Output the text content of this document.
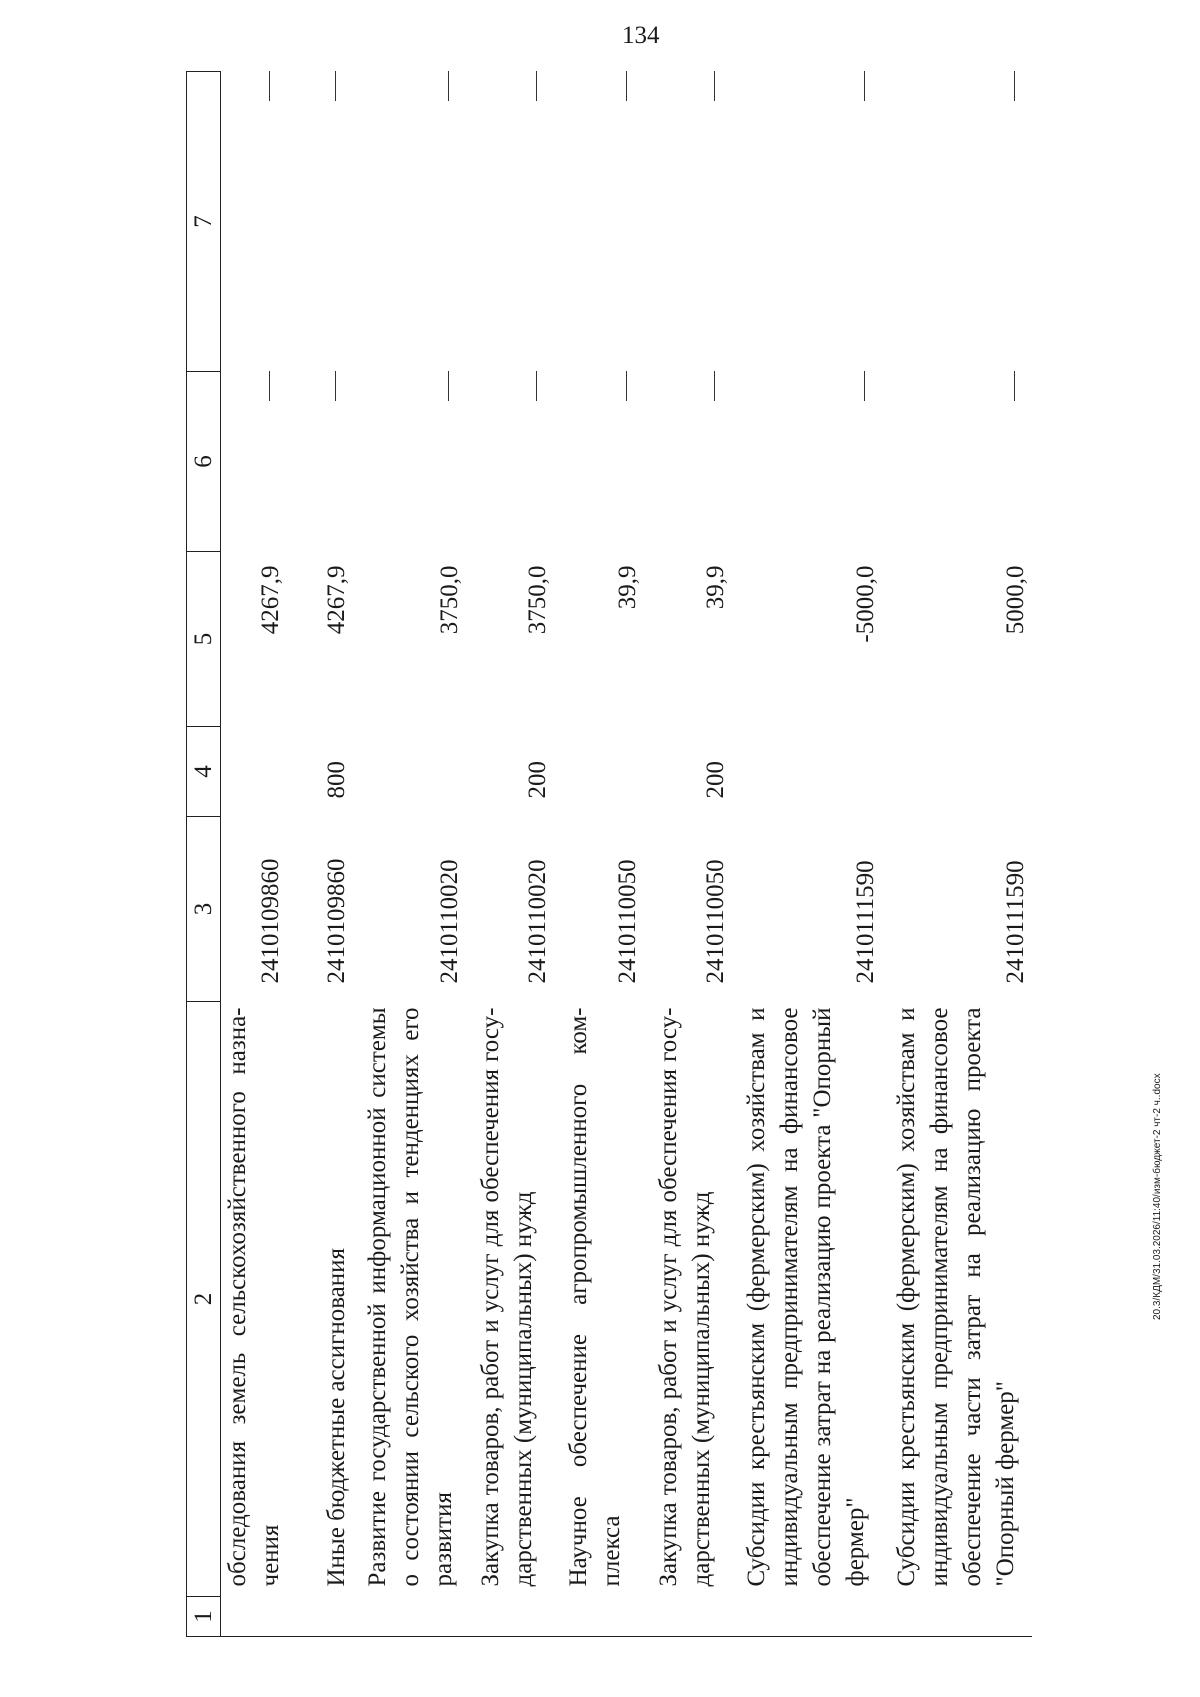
134
20.3/КДМ/31.03.2026/11:40/изм-бюджет-2 чт-2 ч..docx
1	2	3	4	5	6	7
	обследования земель сельскохозяйственного назна-чения	2410109860		4267,9		
	Иные бюджетные ассигнования	2410109860	800	4267,9		
	Развитие государственной информационной системы о состоянии сельского хозяйства и тенденциях его развития	2410110020		3750,0		
	Закупка товаров, работ и услуг для обеспечения госу-дарственных (муниципальных) нужд	2410110020	200	3750,0		
	Научное обеспечение агропромышленного ком-плекса	2410110050		39,9		
	Закупка товаров, работ и услуг для обеспечения госу-дарственных (муниципальных) нужд	2410110050	200	39,9		
	Субсидии крестьянским (фермерским) хозяйствам и индивидуальным предпринимателям на финансовое обеспечение затрат на реализацию проекта "Опорный фермер"	2410111590		-5000,0		
	Субсидии крестьянским (фермерским) хозяйствам и индивидуальным предпринимателям на финансовое обеспечение части затрат на реализацию проекта "Опорный фермер"	2410111590		5000,0		
